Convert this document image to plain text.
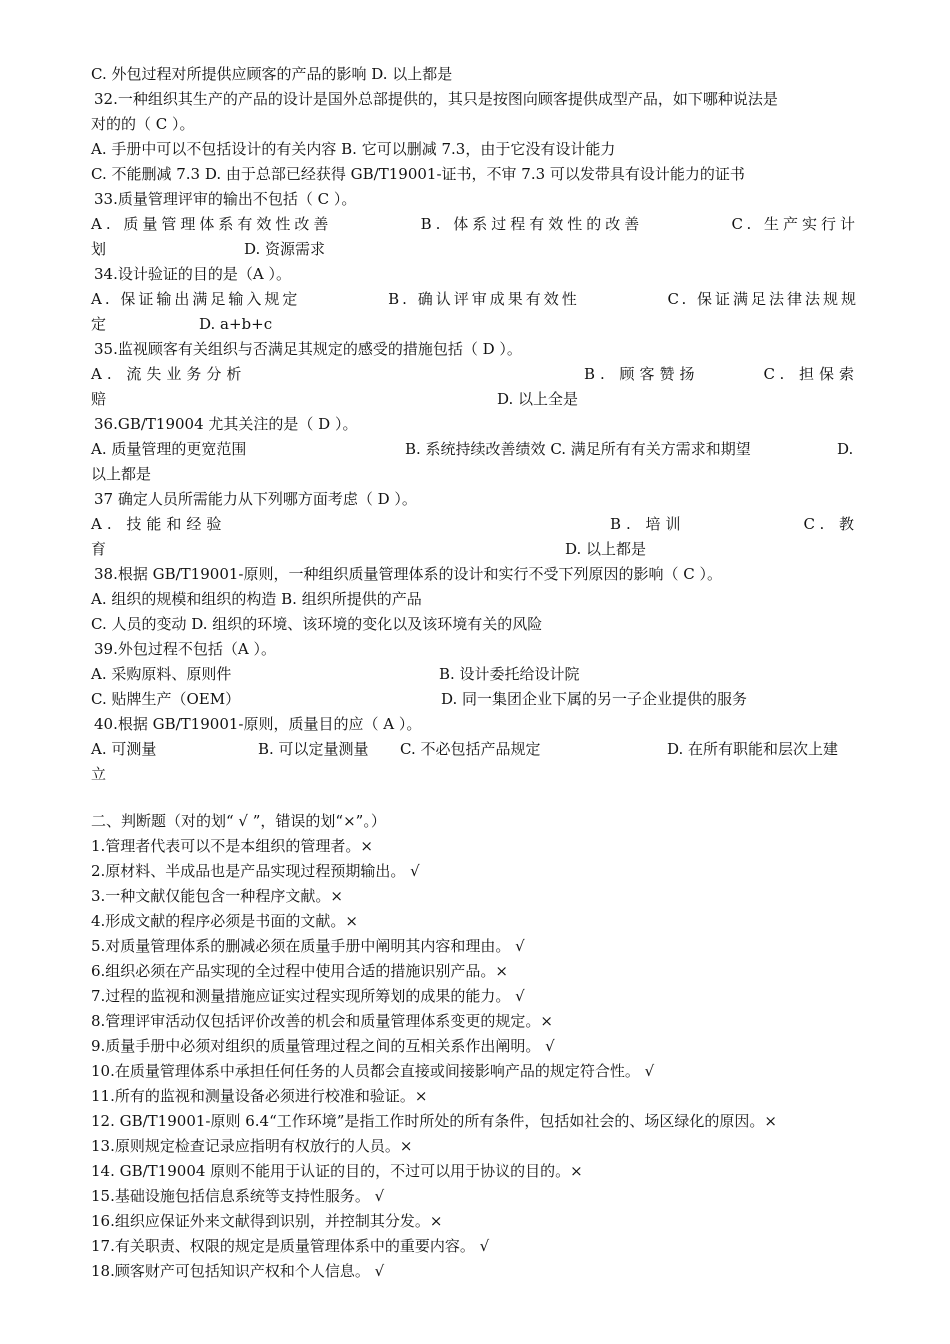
C. 外包过程对所提供应顾客的产品的影响 D. 以上都是
32.一种组织其生产的产品的设计是国外总部提供的，其只是按图向顾客提供成型产品，如下哪种说法是
对的的（ C ）。
A. 手册中可以不包括设计的有关内容 B. 它可以删减 7.3，由于它没有设计能力
C. 不能删减 7.3 D. 由于总部已经获得 GB/T19001-证书，不审 7.3 可以发带具有设计能力的证书
33.质量管理评审的输出不包括（ C ）。
A. 质量管理体系有效性改善	B. 体系过程有效性的改善	C. 生产实行计
划	D. 资源需求
34.设计验证的目的是（A ）。
A. 保证输出满足输入规定	B. 确认评审成果有效性	C. 保证满足法律法规规
定	D. a+b+c
35.监视顾客有关组织与否满足其规定的感受的措施包括（ D ）。
A. 流失业务分析	B. 顾客赞扬	C. 担保索
赔	D. 以上全是
36.GB/T19004 尤其关注的是（ D ）。
A. 质量管理的更宽范围	B. 系统持续改善绩效 C. 满足所有有关方需求和期望	D.
以上都是
37 确定人员所需能力从下列哪方面考虑（ D ）。
A. 技能和经验	B. 培训	C. 教
育	D. 以上都是
38.根据 GB/T19001-原则，一种组织质量管理体系的设计和实行不受下列原因的影响（ C ）。
A. 组织的规模和组织的构造 B. 组织所提供的产品
C. 人员的变动 D. 组织的环境、该环境的变化以及该环境有关的风险
39.外包过程不包括（A ）。
A. 采购原料、原则件	B. 设计委托给设计院
C. 贴牌生产（OEM）	D. 同一集团企业下属的另一子企业提供的服务
40.根据 GB/T19001-原则，质量目的应（ A ）。
A. 可测量	B. 可以定量测量 C. 不必包括产品规定	D. 在所有职能和层次上建
立
二、判断题（对的划“ √ ”，错误的划“×”。）
1.管理者代表可以不是本组织的管理者。×
2.原材料、半成品也是产品实现过程预期输出。 √
3.一种文献仅能包含一种程序文献。×
4.形成文献的程序必须是书面的文献。×
5.对质量管理体系的删减必须在质量手册中阐明其内容和理由。 √
6.组织必须在产品实现的全过程中使用合适的措施识别产品。×
7.过程的监视和测量措施应证实过程实现所筹划的成果的能力。 √
8.管理评审活动仅包括评价改善的机会和质量管理体系变更的规定。×
9.质量手册中必须对组织的质量管理过程之间的互相关系作出阐明。 √
10.在质量管理体系中承担任何任务的人员都会直接或间接影响产品的规定符合性。 √
11.所有的监视和测量设备必须进行校准和验证。×
12. GB/T19001-原则 6.4“工作环境”是指工作时所处的所有条件，包括如社会的、场区绿化的原因。×
13.原则规定检查记录应指明有权放行的人员。×
14. GB/T19004 原则不能用于认证的目的，不过可以用于协议的目的。×
15.基础设施包括信息系统等支持性服务。 √
16.组织应保证外来文献得到识别，并控制其分发。×
17.有关职责、权限的规定是质量管理体系中的重要内容。 √
18.顾客财产可包括知识产权和个人信息。 √
